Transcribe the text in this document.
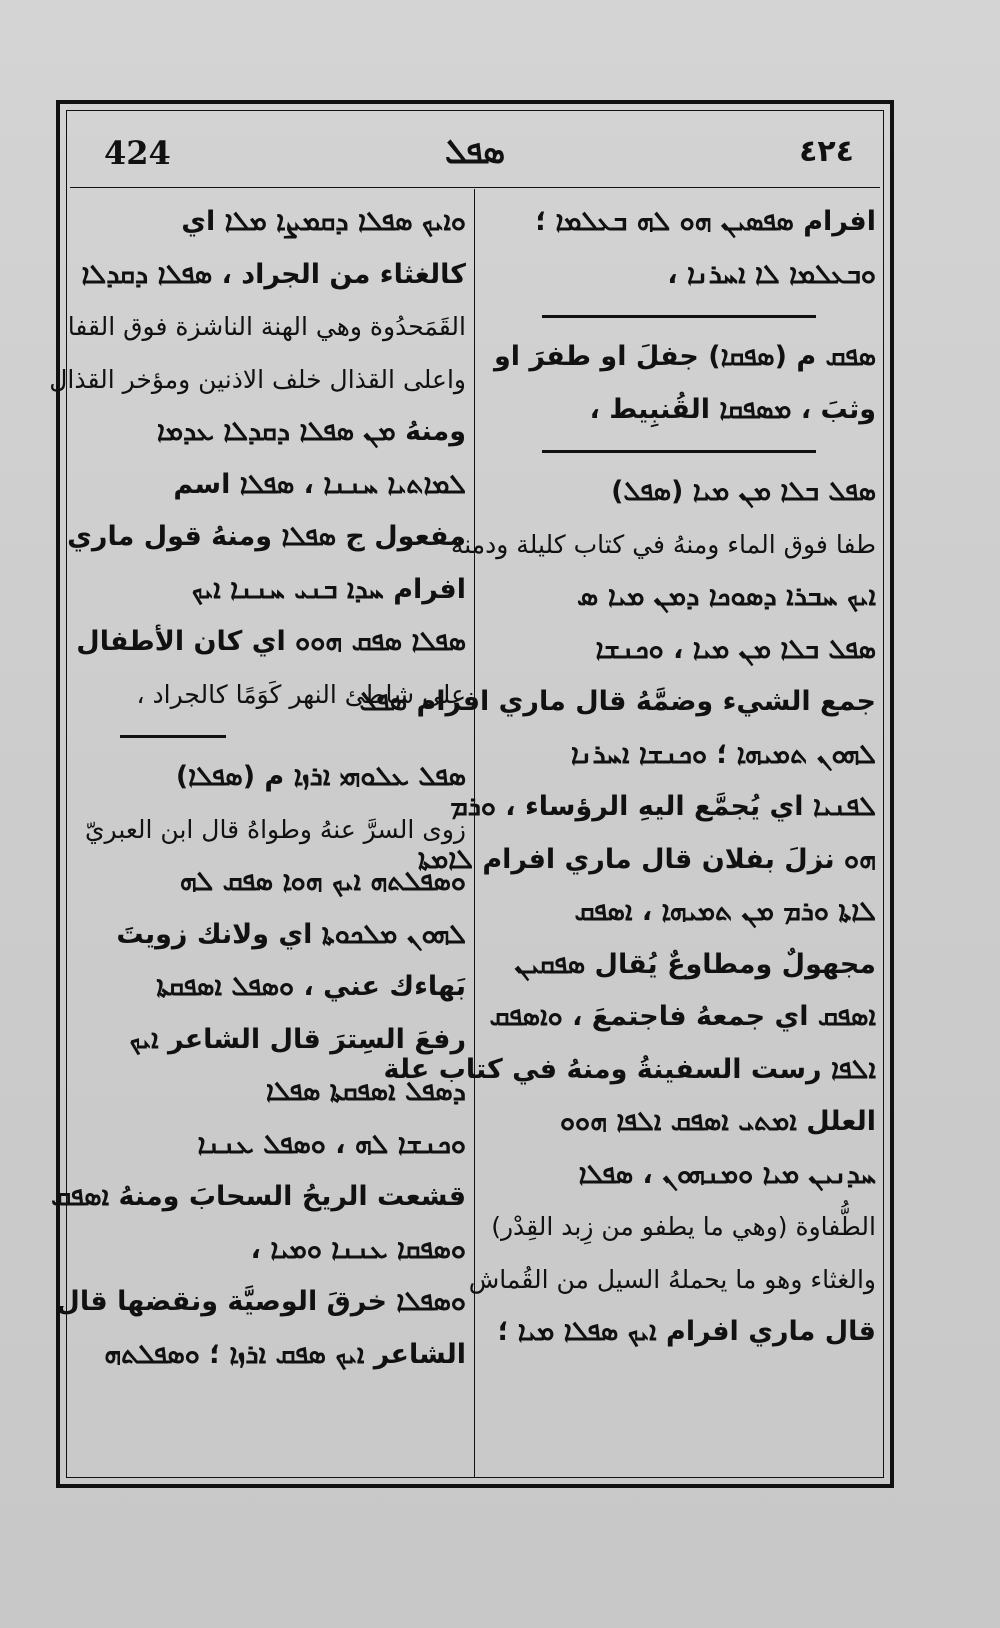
424	ܣܦܠ	٤٢٤
افرام ܣܦܣܝܢ ܗܘ ܠܗ ܒܥܠܡܐ ؛
ܘܒܥܠܡܐ ܠܐ ܐܚܪܢܐ ،
ܣܦܩ م (ܣܦܩܐ) جفلَ او طفرَ او
وثبَ ، ܡܣܦܩܐ القُنبِيط ،
ܣܦܠ ܒܠܐ ܡܢ ܡܝܐ (ܣܦܠ)
طفا فوق الماء ومنهُ في كتاب كليلة ودمنة
ܐܝܟ ܚܒܪܐ ܕܣܘܟܐ ܕܡܢ ܡܝܐ ܣ
ܣܦܠ ܒܠܐ ܡܢ ܡܝܐ ، ܘܟܢܫܐ
جمع الشيء وضمَّهُ قال ماري افرام ܣܦܠ
ܠܗܘܢ ܬܡܝܗܐ ؛ ܘܟܢܫܐ ܐܚܪܢܐ
ܠܦܢܝܐ اي يُجمَّع اليهِ الرؤساء ، ܘܪܡ
ܗܘ نزلَ بفلان قال ماري افرام ܠܐܡܬܐ
ܠܐܬܐ ܘܪܡ ܡܢ ܬܡܝܗܐ ، ܐܣܦܩ
مجهولٌ ومطاوعٌ يُقال ܣܦܩܝܢ
ܐܣܦܩ اي جمعهُ فاجتمعَ ، ܘܐܣܦܩ
ܐܠܦܐ رست السفينةُ ومنهُ في كتاب علة
العلل ܐܡܬܝ ܐܣܦܩ ܐܠܦܐ ܗܘܘ
ܚܕܢܝܢ ܡܝܐ ܘܡܢܗܘܢ ، ܣܦܠܐ
الطُّفاوة (وهي ما يطفو من زِبد القِدْر)
والغثاء وهو ما يحملهُ السيل من القُماش
قال ماري افرام ܐܝܟ ܣܦܠܐ ܡܝܐ ؛
ܘܐܝܟ ܣܦܠܐ ܕܩܡܨܐ ܡܠܐ اي
كالغثاء من الجراد ، ܣܦܠܐ ܕܩܕܠܐ
القَمَحدُوة وهي الهنة الناشزة فوق القفا
واعلى القذال خلف الاذنين ومؤخر القذال
ومنهُ ܡܢ ܣܦܠܐ ܕܩܕܠܐ ܥܕܡܐ
ܠܡܐܬܝܐ ܚܢܢܐ ، ܣܦܠܐ اسم
مفعول ج ܣܦܠܐ ومنهُ قول ماري
افرام ܚܕܐ ܒܢܝ ܚܢܢܐ ܐܝܟ
ܣܦܠܐ ܣܦܩ ܗܘܘ اي كان الأطفال
على شاطئ النهر كَوَمًا كالجراد ،
ܣܦܠ ܥܠܘܗܝ ܐܪܙܐ م (ܣܦܠܐ)
زوى السرَّ عنهُ وطواهُ قال ابن العبريّ
ܘܣܦܠܬܗ ܐܝܟ ܗܘܐ ܣܦܩ ܠܗ
ܠܗܘܢ ܡܠܟܘܬܐ اي ولانك زويتَ
بَهاءك عني ، ܘܣܦܠ ܐܣܦܩܬܐ
رفعَ السِترَ قال الشاعر ܐܝܟ
ܕܣܦܠ ܐܣܦܩܬܐ ܣܦܠܐ
ܘܟܢܫܐ ܠܗ ، ܘܣܦܠ ܥܢܢܐ
قشعت الريحُ السحابَ ومنهُ ܐܣܦܩ
ܘܣܦܩܐ ܥܢܢܐ ܘܡܝܐ ،
ܘܣܦܠܐ خرقَ الوصيَّة ونقضها قال
الشاعر ܐܝܟ ܣܦܩ ܐܪܙܐ ؛ ܘܣܦܠܬܗ
